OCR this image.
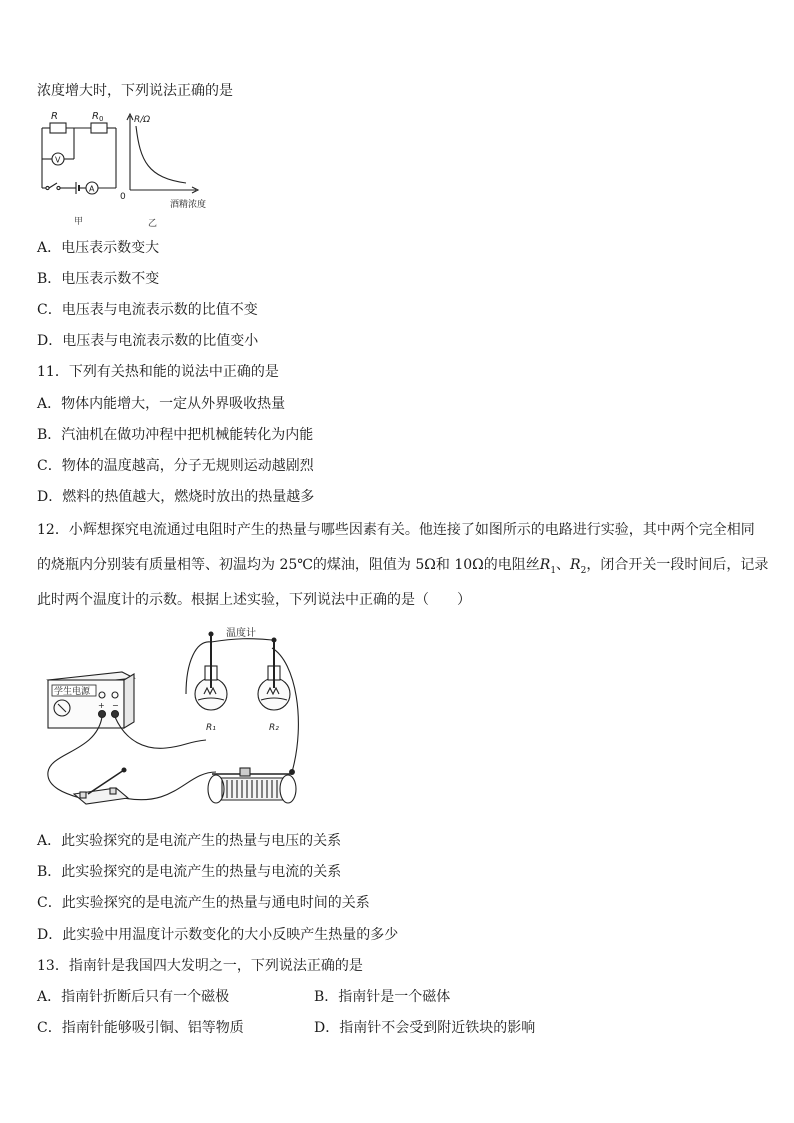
浓度增大时，下列说法正确的是
R	R 0
V
A
甲
R/Ω
0
酒精浓度
乙
A．电压表示数变大
B．电压表示数不变
C．电压表与电流表示数的比值不变
D．电压表与电流表示数的比值变小
11．下列有关热和能的说法中正确的是
A．物体内能增大，一定从外界吸收热量
B．汽油机在做功冲程中把机械能转化为内能
C．物体的温度越高，分子无规则运动越剧烈
D．燃料的热值越大，燃烧时放出的热量越多
12．小辉想探究电流通过电阻时产生的热量与哪些因素有关。他连接了如图所示的电路进行实验，其中两个完全相同
的烧瓶内分别装有质量相等、初温均为 25℃的煤油，阻值为 5Ω和 10Ω的电阻丝$R_1$、$R_2$，闭合开关一段时间后，记录
此时两个温度计的示数。根据上述实验，下列说法中正确的是（　　）
学生电源
+ −
温度计
R₁	R₂
A．此实验探究的是电流产生的热量与电压的关系
B．此实验探究的是电流产生的热量与电流的关系
C．此实验探究的是电流产生的热量与通电时间的关系
D．此实验中用温度计示数变化的大小反映产生热量的多少
13．指南针是我国四大发明之一，下列说法正确的是
A．指南针折断后只有一个磁极	B．指南针是一个磁体
C．指南针能够吸引铜、铝等物质	D．指南针不会受到附近铁块的影响
